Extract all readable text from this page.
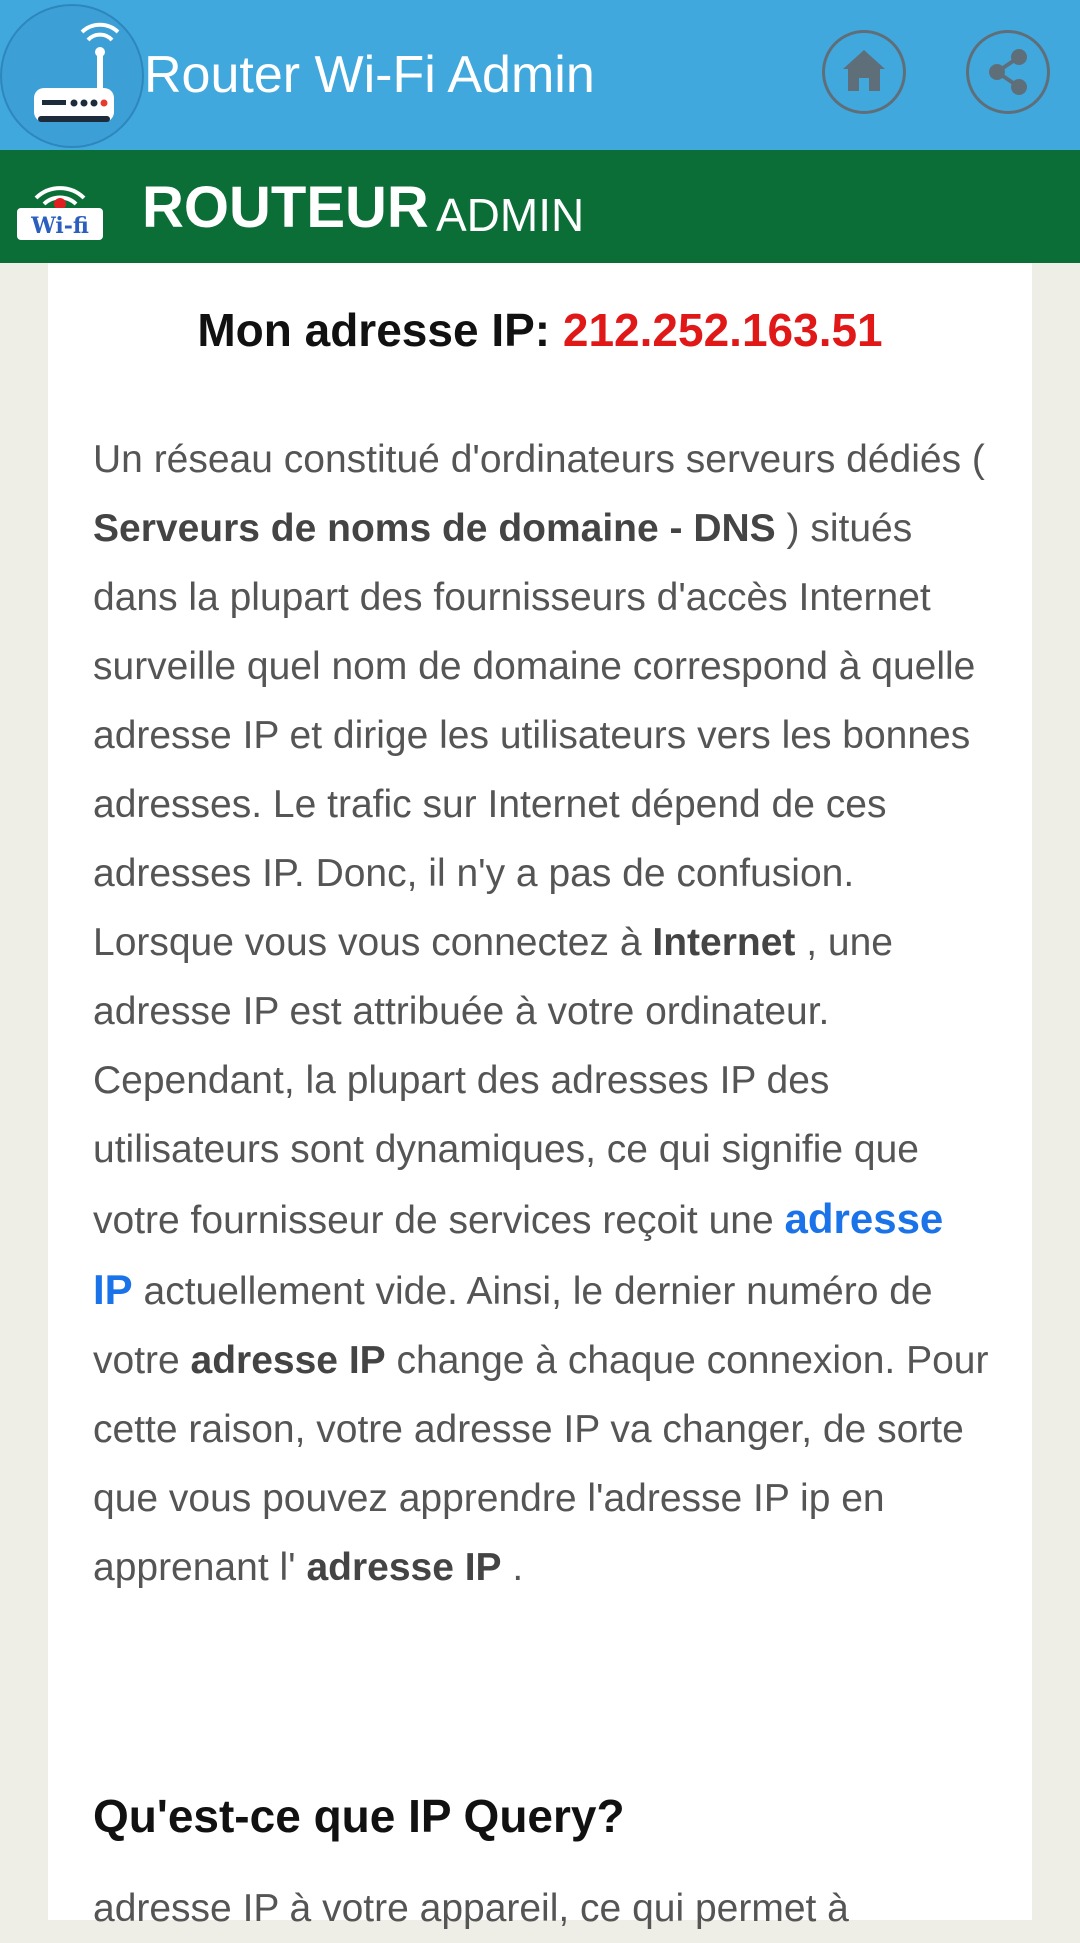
Router Wi-Fi Admin
Wi-fi ROUTEUR ADMIN
Mon adresse IP: 212.252.163.51

Un réseau constitué d'ordinateurs serveurs dédiés ( Serveurs de noms de domaine - DNS ) situés dans la plupart des fournisseurs d'accès Internet surveille quel nom de domaine correspond à quelle adresse IP et dirige les utilisateurs vers les bonnes adresses. Le trafic sur Internet dépend de ces adresses IP. Donc, il n'y a pas de confusion. Lorsque vous vous connectez à Internet , une adresse IP est attribuée à votre ordinateur. Cependant, la plupart des adresses IP des utilisateurs sont dynamiques, ce qui signifie que votre fournisseur de services reçoit une adresse IP actuellement vide. Ainsi, le dernier numéro de votre adresse IP change à chaque connexion. Pour cette raison, votre adresse IP va changer, de sorte que vous pouvez apprendre l'adresse IP ip en apprenant l' adresse IP .

Qu'est-ce que IP Query?

adresse IP à votre appareil, ce qui permet à
